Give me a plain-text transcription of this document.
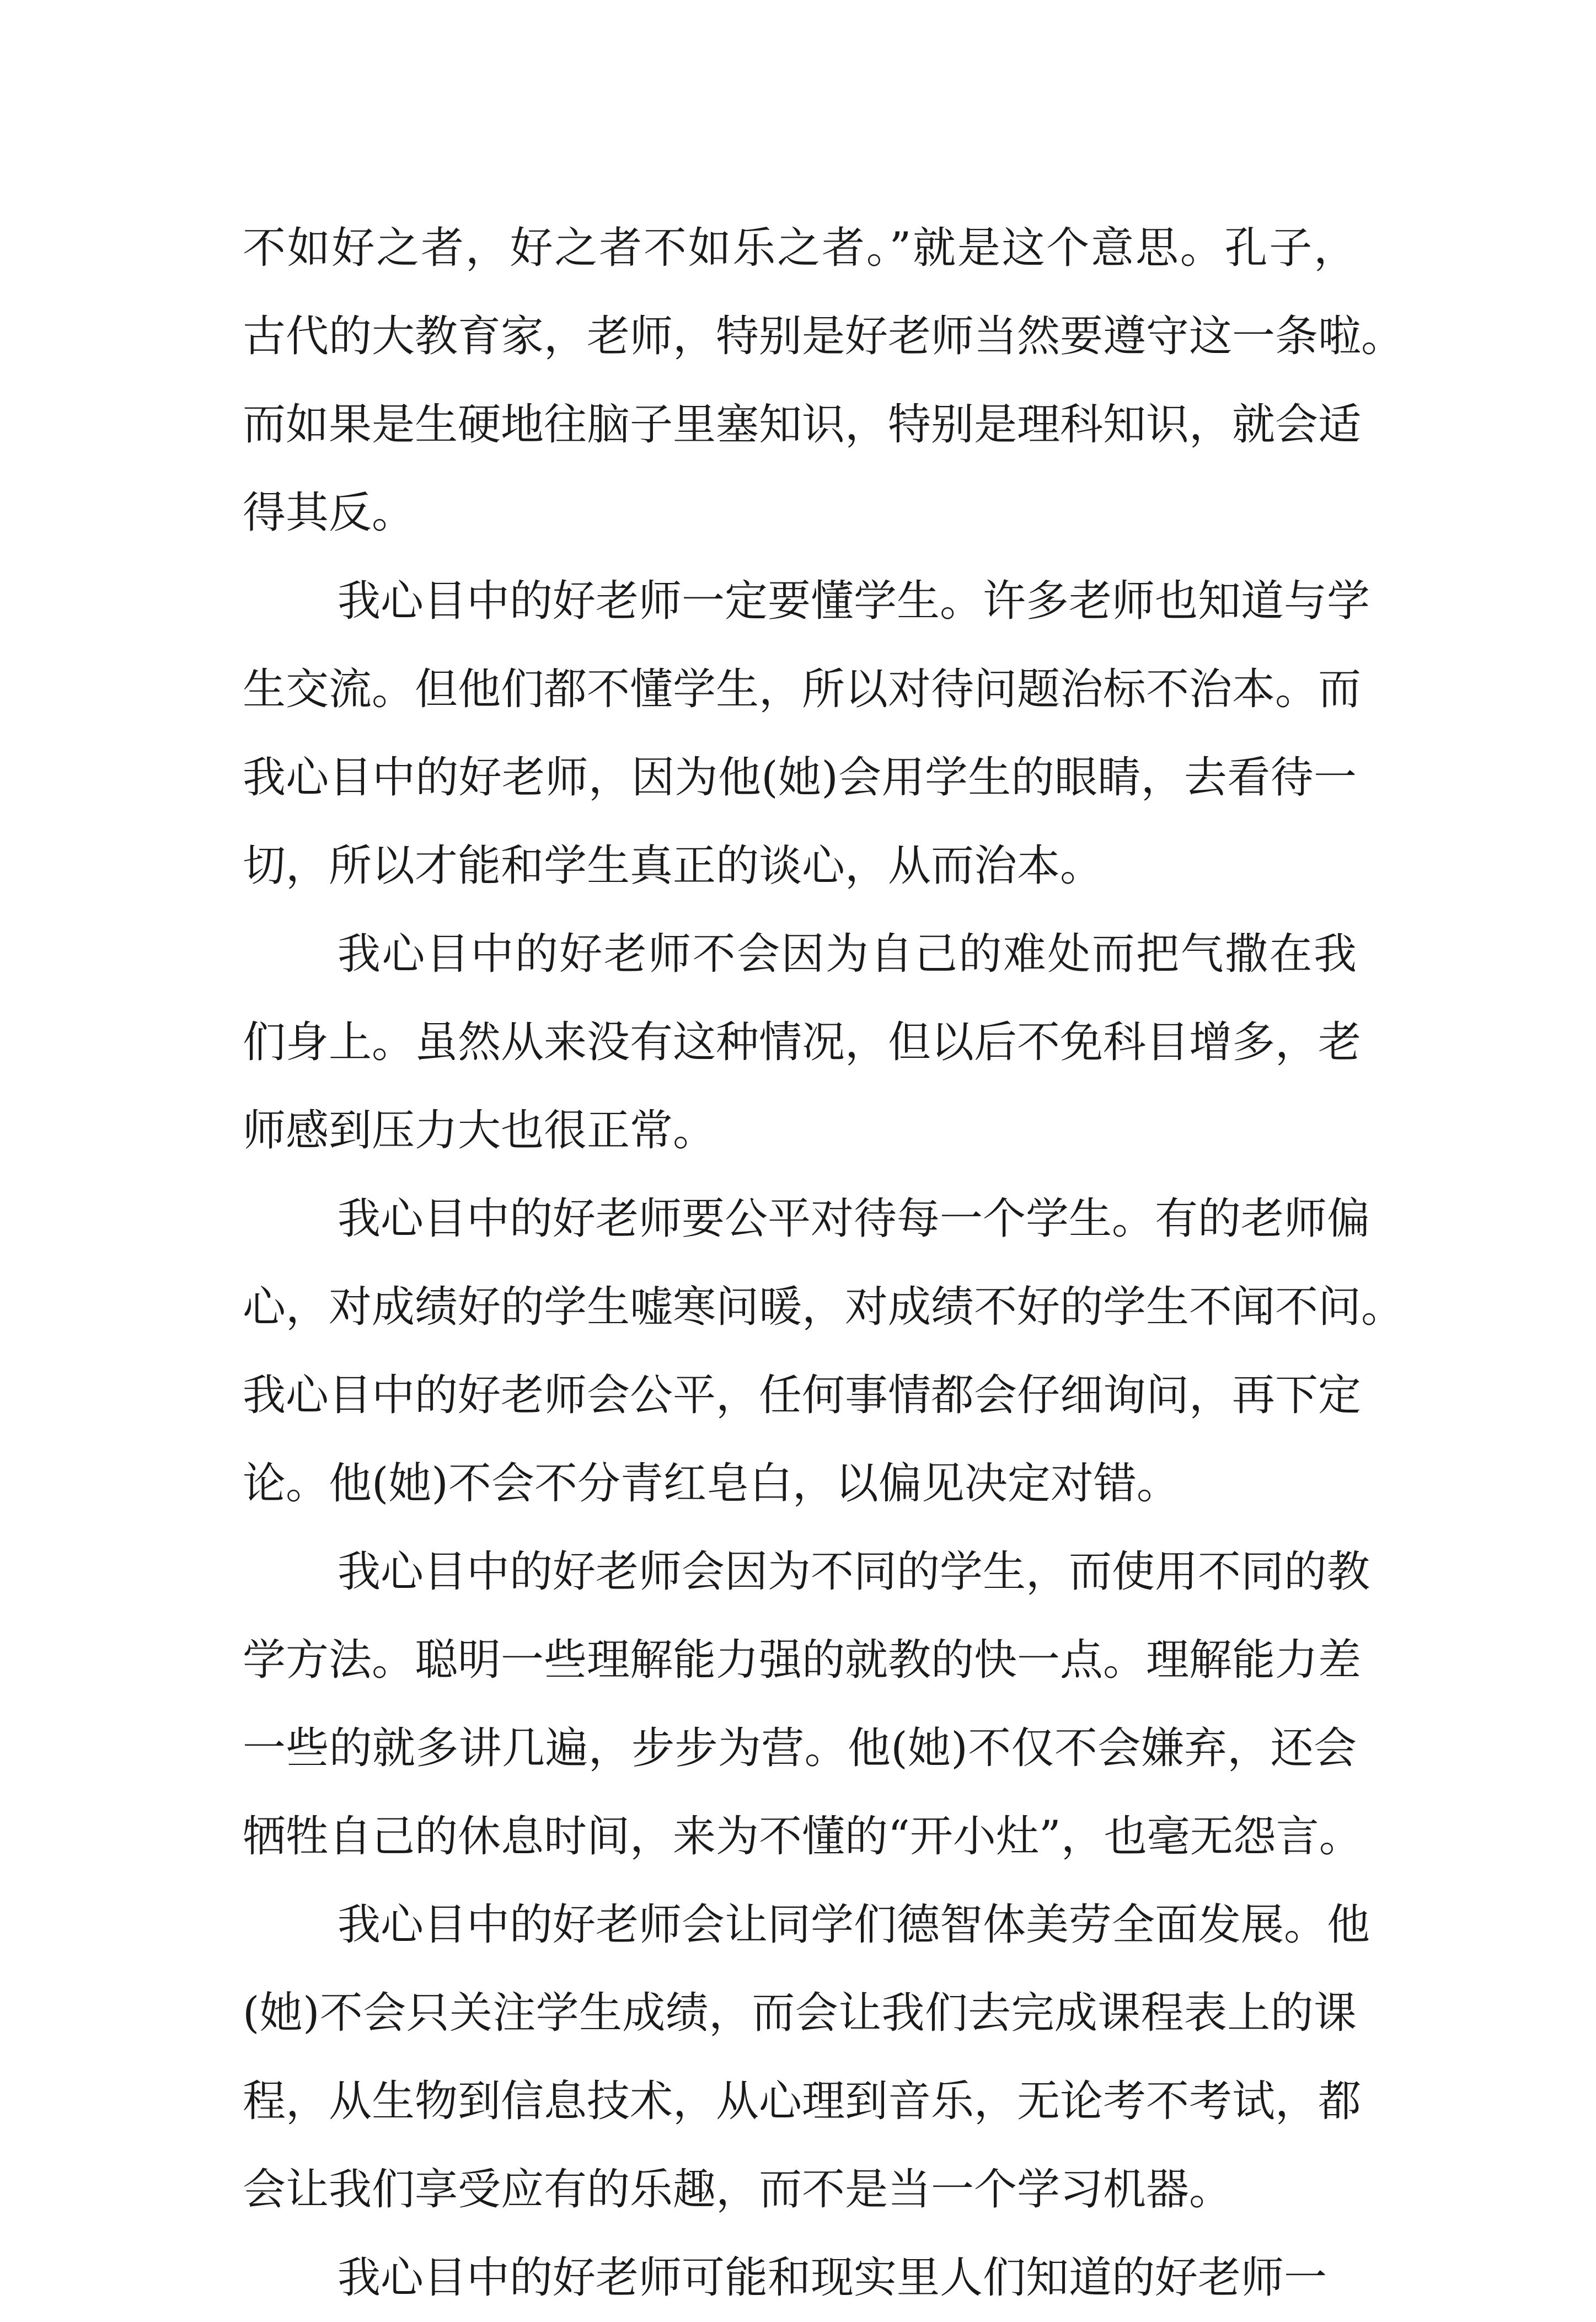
不如好之者，好之者不如乐之者。”就是这个意思。孔子，
古代的大教育家，老师，特别是好老师当然要遵守这一条啦。
而如果是生硬地往脑子里塞知识，特别是理科知识，就会适
得其反。
我心目中的好老师一定要懂学生。许多老师也知道与学
生交流。但他们都不懂学生，所以对待问题治标不治本。而
我心目中的好老师，因为他(她)会用学生的眼睛，去看待一
切，所以才能和学生真正的谈心，从而治本。
我心目中的好老师不会因为自己的难处而把气撒在我
们身上。虽然从来没有这种情况，但以后不免科目增多，老
师感到压力大也很正常。
我心目中的好老师要公平对待每一个学生。有的老师偏
心，对成绩好的学生嘘寒问暖，对成绩不好的学生不闻不问。
我心目中的好老师会公平，任何事情都会仔细询问，再下定
论。他(她)不会不分青红皂白，以偏见决定对错。
我心目中的好老师会因为不同的学生，而使用不同的教
学方法。聪明一些理解能力强的就教的快一点。理解能力差
一些的就多讲几遍，步步为营。他(她)不仅不会嫌弃，还会
牺牲自己的休息时间，来为不懂的“开小灶”，也毫无怨言。
我心目中的好老师会让同学们德智体美劳全面发展。他
(她)不会只关注学生成绩，而会让我们去完成课程表上的课
程，从生物到信息技术，从心理到音乐，无论考不考试，都
会让我们享受应有的乐趣，而不是当一个学习机器。
我心目中的好老师可能和现实里人们知道的好老师一
